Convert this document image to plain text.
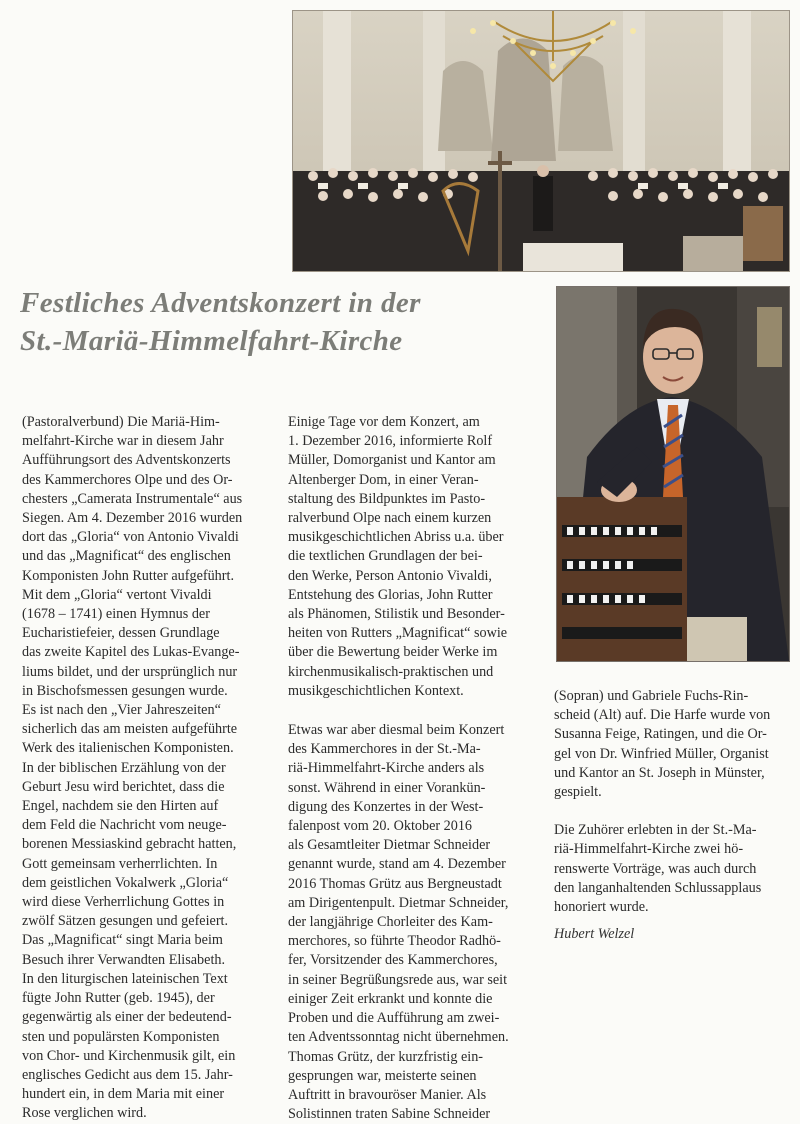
Festliches Adventskonzert in der
St.-Mariä-Himmelfahrt-Kirche

(Pastoralverbund) Die Mariä-Him-
melfahrt-Kirche war in diesem Jahr
Aufführungsort des Adventskonzerts
des Kammerchores Olpe und des Or-
chesters „Camerata Instrumentale“ aus
Siegen. Am 4. Dezember 2016 wurden
dort das „Gloria“ von Antonio Vivaldi
und das „Magnificat“ des englischen
Komponisten John Rutter aufgeführt.
Mit dem „Gloria“ vertont Vivaldi
(1678 – 1741) einen Hymnus der
Eucharistiefeier, dessen Grundlage
das zweite Kapitel des Lukas-Evange-
liums bildet, und der ursprünglich nur
in Bischofsmessen gesungen wurde.
Es ist nach den „Vier Jahreszeiten“
sicherlich das am meisten aufgeführte
Werk des italienischen Komponisten.
In der biblischen Erzählung von der
Geburt Jesu wird berichtet, dass die
Engel, nachdem sie den Hirten auf
dem Feld die Nachricht vom neuge-
borenen Messiaskind gebracht hatten,
Gott gemeinsam verherrlichten. In
dem geistlichen Vokalwerk „Gloria“
wird diese Verherrlichung Gottes in
zwölf Sätzen gesungen und gefeiert.
Das „Magnificat“ singt Maria beim
Besuch ihrer Verwandten Elisabeth.
In den liturgischen lateinischen Text
fügte John Rutter (geb. 1945), der
gegenwärtig als einer der bedeutend-
sten und populärsten Komponisten
von Chor- und Kirchenmusik gilt, ein
englisches Gedicht aus dem 15. Jahr-
hundert ein, in dem Maria mit einer
Rose verglichen wird.

Einige Tage vor dem Konzert, am
1. Dezember 2016, informierte Rolf
Müller, Domorganist und Kantor am
Altenberger Dom, in einer Veran-
staltung des Bildpunktes im Pasto-
ralverbund Olpe nach einem kurzen
musikgeschichtlichen Abriss u.a. über
die textlichen Grundlagen der bei-
den Werke, Person Antonio Vivaldi,
Entstehung des Glorias, John Rutter
als Phänomen, Stilistik und Besonder-
heiten von Rutters „Magnificat“ sowie
über die Bewertung beider Werke im
kirchenmusikalisch-praktischen und
musikgeschichtlichen Kontext.

Etwas war aber diesmal beim Konzert
des Kammerchores in der St.-Ma-
riä-Himmelfahrt-Kirche anders als
sonst. Während in einer Vorankün-
digung des Konzertes in der West-
falenpost vom 20. Oktober 2016
als Gesamtleiter Dietmar Schneider
genannt wurde, stand am 4. Dezember
2016 Thomas Grütz aus Bergneustadt
am Dirigentenpult. Dietmar Schneider,
der langjährige Chorleiter des Kam-
merchores, so führte Theodor Radhö-
fer, Vorsitzender des Kammerchores,
in seiner Begrüßungsrede aus, war seit
einiger Zeit erkrankt und konnte die
Proben und die Aufführung am zwei-
ten Adventssonntag nicht übernehmen.
Thomas Grütz, der kurzfristig ein-
gesprungen war, meisterte seinen
Auftritt in bravouröser Manier. Als
Solistinnen traten Sabine Schneider

(Sopran) und Gabriele Fuchs-Rin-
scheid (Alt) auf. Die Harfe wurde von
Susanna Feige, Ratingen, und die Or-
gel von Dr. Winfried Müller, Organist
und Kantor an St. Joseph in Münster,
gespielt.

Die Zuhörer erlebten in der St.-Ma-
riä-Himmelfahrt-Kirche zwei hö-
renswerte Vorträge, was auch durch
den langanhaltenden Schlussapplaus
honoriert wurde.

Hubert Welzel
